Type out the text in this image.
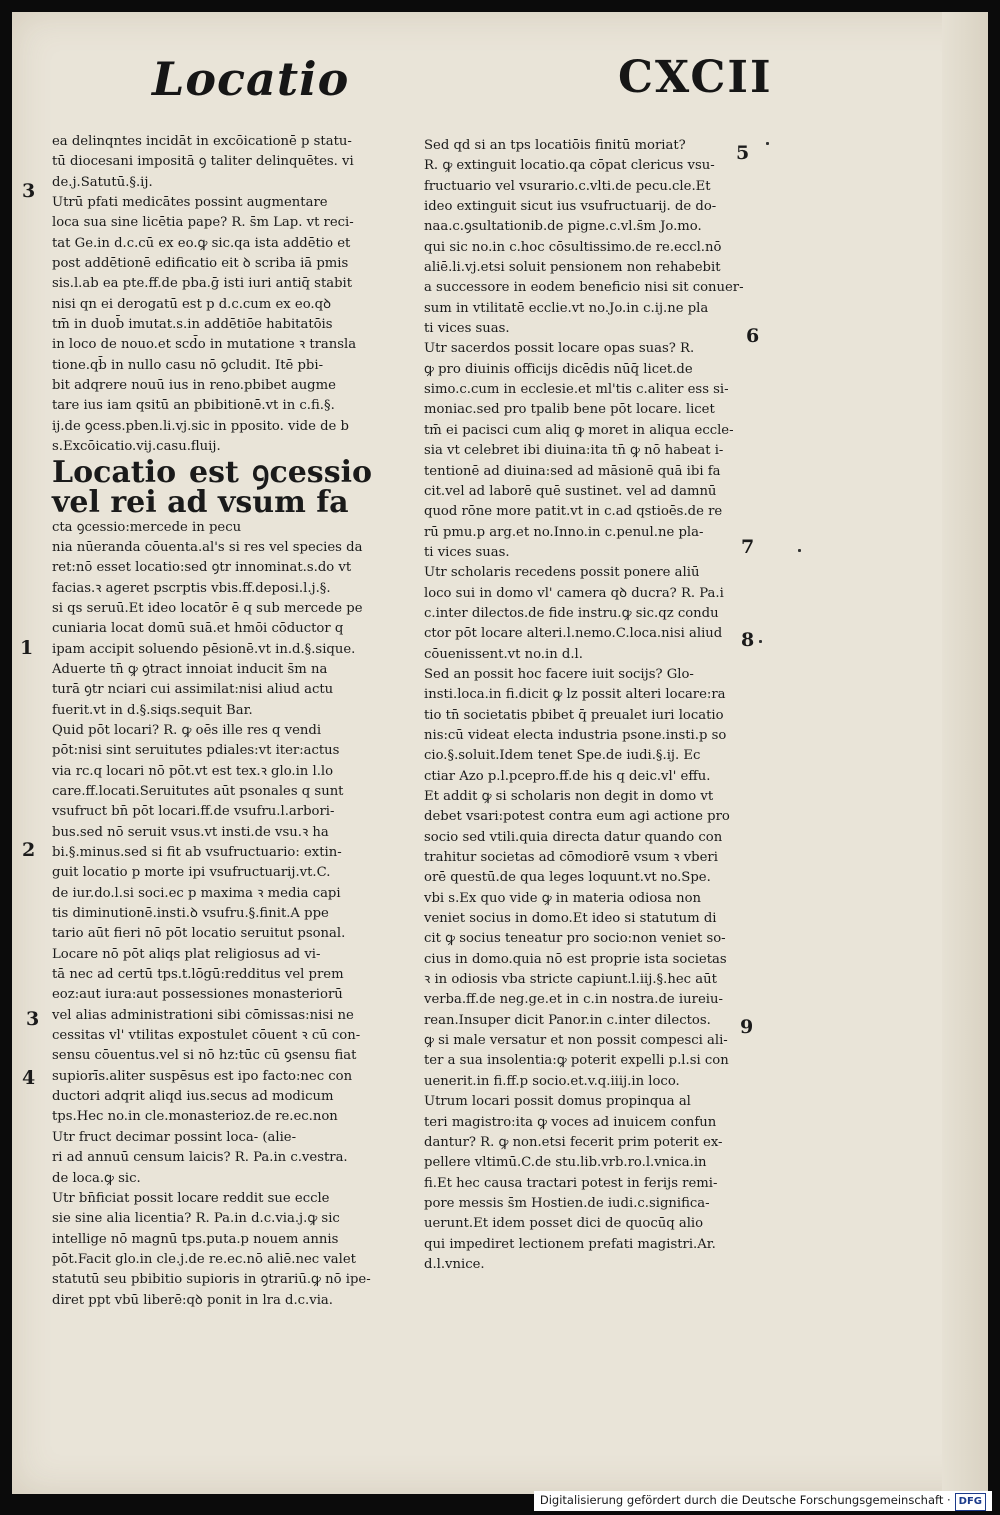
Locatio	CXCII

ea delinqntes incidāt in excōicationē p statu-

tū diocesani impositā ꝯ taliter delinquētes. vi

de.j.Satutū.§.ij.

Utrū pfati medicātes possint augmentare

loca sua sine licētia pape? R. s̄m Lap. vt reci-

tat Ge.in d.c.cū ex eo.ꝙ sic.qa ista addētio et

post addētionē edificatio eit ꝺ scriba iā pmis

sis.l.ab ea pte.ff.de pba.ḡ isti iuri antiq̄ stabit

nisi qn ei derogatū est p d.c.cum ex eo.qꝺ

tm̄ in duob̄ imutat.s.in addētiōe habitatōis

in loco de nouo.et scd̄o in mutatione ꝛ transla

tione.qb̄ in nullo casu nō ꝯcludit. Itē pbi-

bit adqrere nouū ius in reno.pbibet augme

tare ius iam qsitū an pbibitionē.vt in c.fi.§.

ij.de ꝯcess.pben.li.vj.sic in pposito. vide de b

s.Excōicatio.vij.casu.fluij.

Locatio est ꝯcessio vel rei ad vsum fa

cta ꝯcessio:mercede in pecu

nia nūeranda cōuenta.al's si res vel species da

ret:nō esset locatio:sed ꝯtr innominat.s.do vt

facias.ꝛ ageret pscrptis vbis.ff.deposi.l.j.§.

si qs seruū.Et ideo locatōr ē q sub mercede pe

cuniaria locat domū suā.et hmōi cōductor q

ipam accipit soluendo pēsionē.vt in.d.§.sique.

Aduerte tn̄ ꝙ ꝯtract innoiat inducit s̄m na

turā ꝯtr nciari cui assimilat:nisi aliud actu

fuerit.vt in d.§.siqs.sequit Bar.

Quid pōt locari? R. ꝙ oēs ille res q vendi

pōt:nisi sint seruitutes pdiales:vt iter:actus

via rc.q locari nō pōt.vt est tex.ꝛ glo.in l.lo

care.ff.locati.Seruitutes aūt psonales q sunt

vsufruct bn̄ pōt locari.ff.de vsufru.l.arbori-

bus.sed nō seruit vsus.vt insti.de vsu.ꝛ ha

bi.§.minus.sed si fit ab vsufructuario: extin-

guit locatio p morte ipi vsufructuarij.vt.C.

de iur.do.l.si soci.ec p maxima ꝛ media capi

tis diminutionē.insti.ꝺ vsufru.§.finit.A ppe

tario aūt fieri nō pōt locatio seruitut psonal.

Locare nō pōt aliqs plat religiosus ad vi-

tā nec ad certū tps.t.lōgū:redditus vel prem

eoz:aut iura:aut possessiones monasteriorū

vel alias administrationi sibi cōmissas:nisi ne

cessitas vl' vtilitas expostulet cōuent ꝛ cū con-

sensu cōuentus.vel si nō hz:tūc cū ꝯsensu fiat

supiorīs.aliter suspēsus est ipo facto:nec con

ductori adqrit aliqd ius.secus ad modicum

tps.Hec no.in cle.monasterioz.de re.ec.non

Utr fruct decimar possint loca- (alie-

ri ad annuū censum laicis? R. Pa.in c.vestra.

de loca.ꝙ sic.

Utr bn̄ficiat possit locare reddit sue eccle

sie sine alia licentia? R. Pa.in d.c.via.j.ꝙ sic

intellige nō magnū tps.puta.p nouem annis

pōt.Facit glo.in cle.j.de re.ec.nō aliē.nec valet

statutū seu pbibitio supioris in ꝯtrariū.ꝙ nō ipe-

diret ppt vbū liberē:qꝺ ponit in lra d.c.via.

Sed qd si an tps locatiōis finitū moriat?

R. ꝙ extinguit locatio.qa cōpat clericus vsu-

fructuario vel vsurario.c.vlti.de pecu.cle.Et

ideo extinguit sicut ius vsufructuarij. de do-

naa.c.ꝯsultationib.de pigne.c.vl.s̄m Jo.mo.

qui sic no.in c.hoc cōsultissimo.de re.eccl.nō

aliē.li.vj.etsi soluit pensionem non rehabebit

a successore in eodem beneficio nisi sit conuer-

sum in vtilitatē ecclie.vt no.Jo.in c.ij.ne pla

ti vices suas.

Utr sacerdos possit locare opas suas? R.

ꝙ pro diuinis officijs dicēdis nūq̄ licet.de

simo.c.cum in ecclesie.et ml'tis c.aliter ess si-

moniac.sed pro tpalib bene pōt locare. licet

tm̄ ei pacisci cum aliq ꝙ moret in aliqua eccle-

sia vt celebret ibi diuina:ita tn̄ ꝙ nō habeat i-

tentionē ad diuina:sed ad māsionē quā ibi fa

cit.vel ad laborē quē sustinet. vel ad damnū

quod rōne more patit.vt in c.ad qstioēs.de re

rū pmu.p arg.et no.Inno.in c.penul.ne pla-

ti vices suas.

Utr scholaris recedens possit ponere aliū

loco sui in domo vl' camera qꝺ ducra? R. Pa.i

c.inter dilectos.de fide instru.ꝙ sic.qz condu

ctor pōt locare alteri.l.nemo.C.loca.nisi aliud

cōuenissent.vt no.in d.l.

Sed an possit hoc facere iuit socijs? Glo-

insti.loca.in fi.dicit ꝙ lz possit alteri locare:ra

tio tn̄ societatis pbibet q̄ preualet iuri locatio

nis:cū videat electa industria psone.insti.p so

cio.§.soluit.Idem tenet Spe.de iudi.§.ij. Ec

ctiar Azo p.l.pcepro.ff.de his q deic.vl' effu.

Et addit ꝙ si scholaris non degit in domo vt

debet vsari:potest contra eum agi actione pro

socio sed vtili.quia directa datur quando con

trahitur societas ad cōmodiorē vsum ꝛ vberi

orē questū.de qua leges loquunt.vt no.Spe.

vbi s.Ex quo vide ꝙ in materia odiosa non

veniet socius in domo.Et ideo si statutum di

cit ꝙ socius teneatur pro socio:non veniet so-

cius in domo.quia nō est proprie ista societas

ꝛ in odiosis vba stricte capiunt.l.iij.§.hec aūt

verba.ff.de neg.ge.et in c.in nostra.de iureiu-

rean.Insuper dicit Panor.in c.inter dilectos.

ꝙ si male versatur et non possit compesci ali-

ter a sua insolentia:ꝙ poterit expelli p.l.si con

uenerit.in fi.ff.p socio.et.v.q.iiij.in loco.

Utrum locari possit domus propinqua al

teri magistro:ita ꝙ voces ad inuicem confun

dantur? R. ꝙ non.etsi fecerit prim poterit ex-

pellere vltimū.C.de stu.lib.vrb.ro.l.vnica.in

fi.Et hec causa tractari potest in ferijs remi-

pore messis s̄m Hostien.de iudi.c.significa-

uerunt.Et idem posset dici de quocūq alio

qui impediret lectionem prefati magistri.Ar.

d.l.vnice.

3
1
2
3
4
5
6
7
8
9
Digitalisierung gefördert durch die Deutsche Forschungsgemeinschaft · DFG
